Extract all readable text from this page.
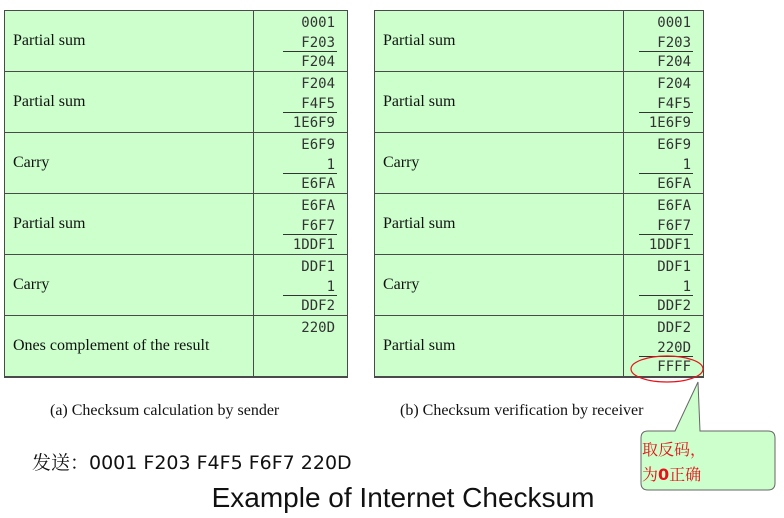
Partial sum
0001
F203
F204
Partial sum
F204
F4F5
1E6F9
Carry
E6F9
1
E6FA
Partial sum
E6FA
F6F7
1DDF1
Carry
DDF1
1
DDF2
Ones complement of the result
220D
Partial sum
0001
F203
F204
Partial sum
F204
F4F5
1E6F9
Carry
E6F9
1
E6FA
Partial sum
E6FA
F6F7
1DDF1
Carry
DDF1
1
DDF2
Partial sum
DDF2
220D
FFFF
(a) Checksum calculation by sender	(b) Checksum verification by receiver
发送：0001 F203 F4F5 F6F7 220D
Example of Internet Checksum
取反码，
为0正确
